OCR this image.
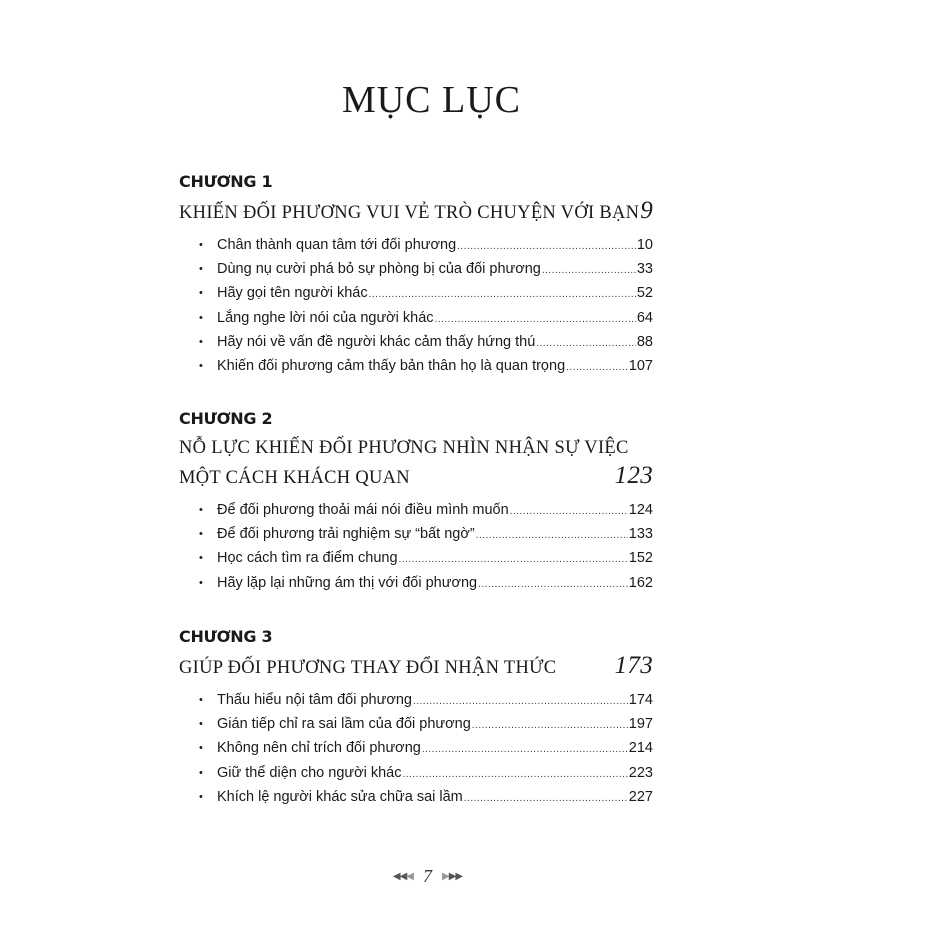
MỤC LỤC
CHƯƠNG 1
KHIẾN ĐỐI PHƯƠNG VUI VẺ TRÒ CHUYỆN VỚI BẠN 9
• Chân thành quan tâm tới đối phương .....	10
• Dùng nụ cười phá bỏ sự phòng bị của đối phương .....	33
• Hãy gọi tên người khác .....	52
• Lắng nghe lời nói của người khác .....	64
• Hãy nói về vấn đề người khác cảm thấy hứng thú .....	88
• Khiến đối phương cảm thấy bản thân họ là quan trọng .....	107
CHƯƠNG 2
NỖ LỰC KHIẾN ĐỐI PHƯƠNG NHÌN NHẬN SỰ VIỆC
MỘT CÁCH KHÁCH QUAN	123
• Để đối phương thoải mái nói điều mình muốn .....	124
• Để đối phương trải nghiệm sự “bất ngờ” .....	133
• Học cách tìm ra điểm chung .....	152
• Hãy lặp lại những ám thị với đối phương .....	162
CHƯƠNG 3
GIÚP ĐỐI PHƯƠNG THAY ĐỔI NHẬN THỨC 173
• Thấu hiểu nội tâm đối phương .....	174
• Gián tiếp chỉ ra sai lầm của đối phương .....	197
• Không nên chỉ trích đối phương .....	214
• Giữ thể diện cho người khác .....	223
• Khích lệ người khác sửa chữa sai lầm .....	227
◀◀◀ 7	▶▶▶
